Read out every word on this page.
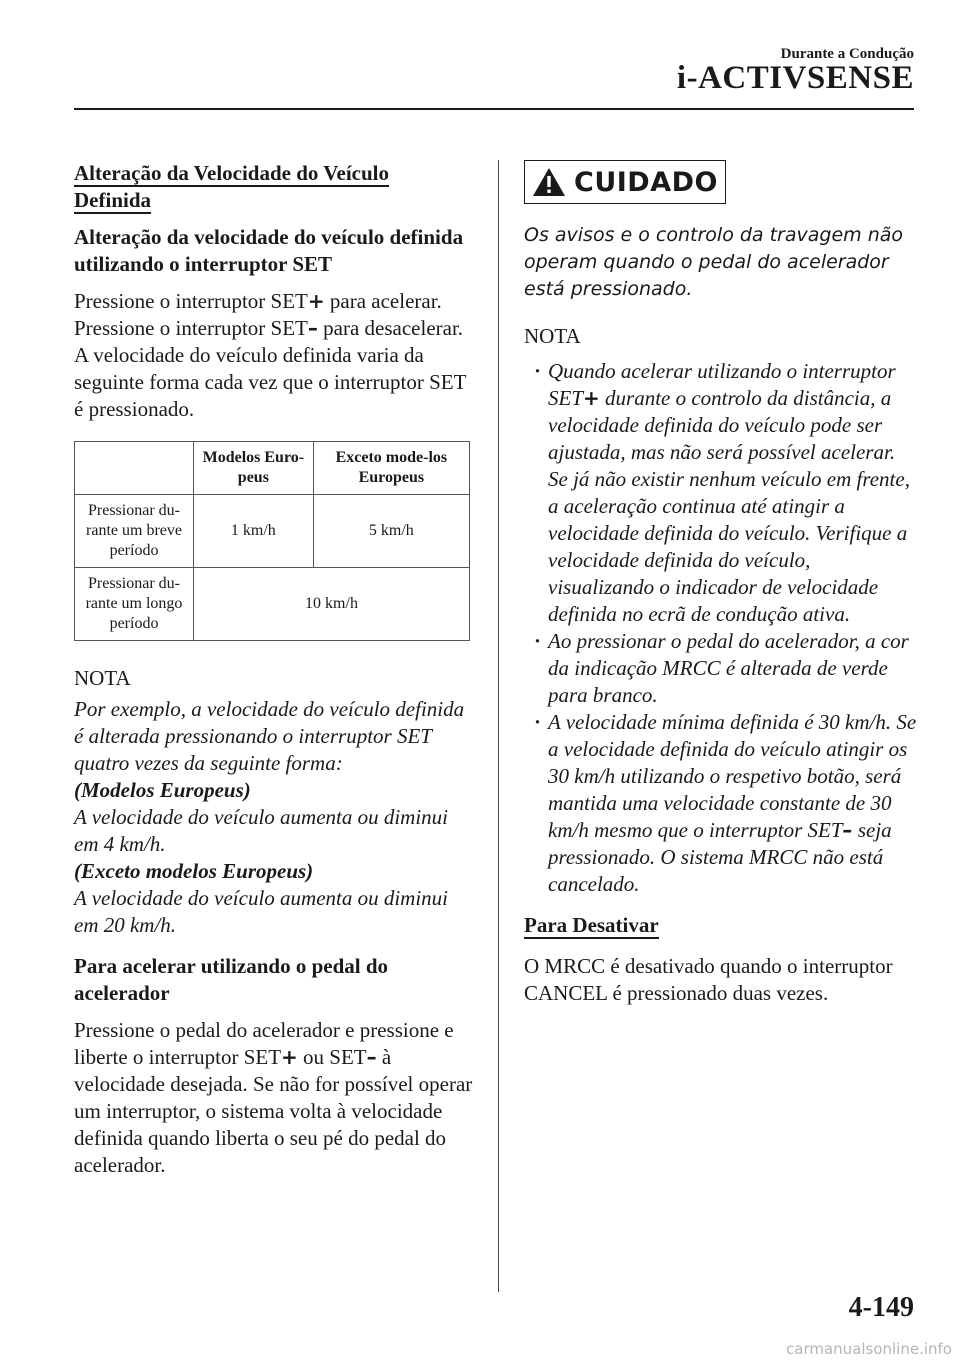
Durante a Condução
i-ACTIVSENSE
Alteração da Velocidade do Veículo Definida
Alteração da velocidade do veículo definida utilizando o interruptor SET

Pressione o interruptor SET+ para acelerar.
Pressione o interruptor SET– para desacelerar.
A velocidade do veículo definida varia da seguinte forma cada vez que o interruptor SET é pressionado.

	Modelos Euro-peus	Exceto mode-los Europeus
Pressionar du-rante um breve período	1 km/h	5 km/h
Pressionar du-rante um longo período	10 km/h	
NOTA
Por exemplo, a velocidade do veículo definida é alterada pressionando o interruptor SET quatro vezes da seguinte forma:
(Modelos Europeus)
A velocidade do veículo aumenta ou diminui em 4 km/h.
(Exceto modelos Europeus)
A velocidade do veículo aumenta ou diminui em 20 km/h.
Para acelerar utilizando o pedal do acelerador

Pressione o pedal do acelerador e pressione e liberte o interruptor SET+ ou SET– à velocidade desejada. Se não for possível operar um interruptor, o sistema volta à velocidade definida quando liberta o seu pé do pedal do acelerador.

CUIDADO
Os avisos e o controlo da travagem não operam quando o pedal do acelerador está pressionado.
NOTA
· Quando acelerar utilizando o interruptor SET+ durante o controlo da distância, a velocidade definida do veículo pode ser ajustada, mas não será possível acelerar. Se já não existir nenhum veículo em frente, a aceleração continua até atingir a velocidade definida do veículo. Verifique a velocidade definida do veículo, visualizando o indicador de velocidade definida no ecrã de condução ativa.
· Ao pressionar o pedal do acelerador, a cor da indicação MRCC é alterada de verde para branco.
· A velocidade mínima definida é 30 km/h. Se a velocidade definida do veículo atingir os 30 km/h utilizando o respetivo botão, será mantida uma velocidade constante de 30 km/h mesmo que o interruptor SET– seja pressionado. O sistema MRCC não está cancelado.
Para Desativar

O MRCC é desativado quando o interruptor CANCEL é pressionado duas vezes.

4-149
carmanualsonline.info
